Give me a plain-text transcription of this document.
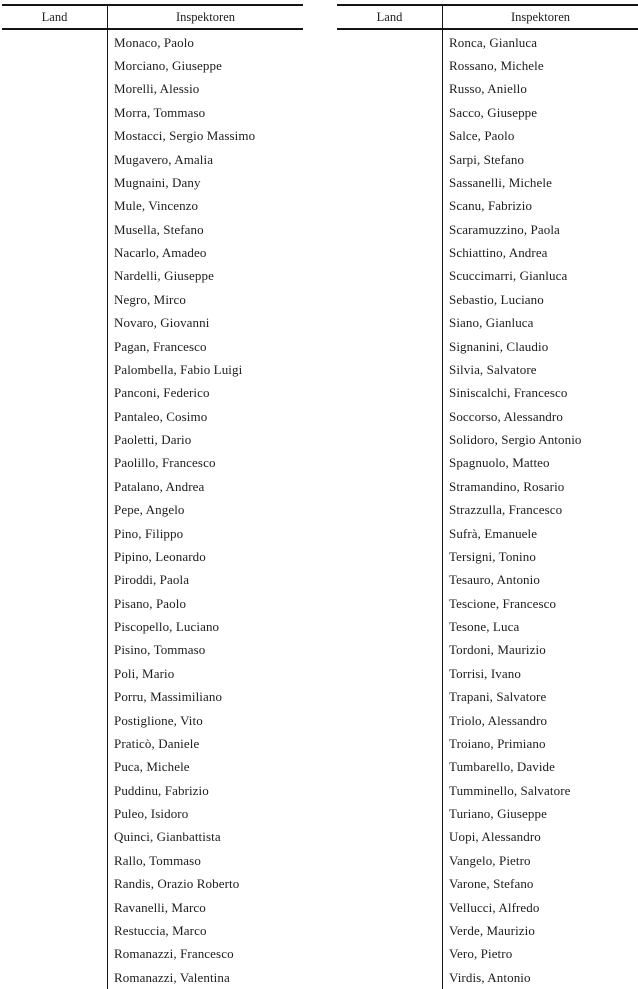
Land	Inspektoren
Monaco, Paolo
Morciano, Giuseppe
Morelli, Alessio
Morra, Tommaso
Mostacci, Sergio Massimo
Mugavero, Amalia
Mugnaini, Dany
Mule, Vincenzo
Musella, Stefano
Nacarlo, Amadeo
Nardelli, Giuseppe
Negro, Mirco
Novaro, Giovanni
Pagan, Francesco
Palombella, Fabio Luigi
Panconi, Federico
Pantaleo, Cosimo
Paoletti, Dario
Paolillo, Francesco
Patalano, Andrea
Pepe, Angelo
Pino, Filippo
Pipino, Leonardo
Piroddi, Paola
Pisano, Paolo
Piscopello, Luciano
Pisino, Tommaso
Poli, Mario
Porru, Massimiliano
Postiglione, Vito
Praticò, Daniele
Puca, Michele
Puddinu, Fabrizio
Puleo, Isidoro
Quinci, Gianbattista
Rallo, Tommaso
Randis, Orazio Roberto
Ravanelli, Marco
Restuccia, Marco
Romanazzi, Francesco
Romanazzi, Valentina
Land	Inspektoren
Ronca, Gianluca
Rossano, Michele
Russo, Aniello
Sacco, Giuseppe
Salce, Paolo
Sarpi, Stefano
Sassanelli, Michele
Scanu, Fabrizio
Scaramuzzino, Paola
Schiattino, Andrea
Scuccimarri, Gianluca
Sebastio, Luciano
Siano, Gianluca
Signanini, Claudio
Silvia, Salvatore
Siniscalchi, Francesco
Soccorso, Alessandro
Solidoro, Sergio Antonio
Spagnuolo, Matteo
Stramandino, Rosario
Strazzulla, Francesco
Sufrà, Emanuele
Tersigni, Tonino
Tesauro, Antonio
Tescione, Francesco
Tesone, Luca
Tordoni, Maurizio
Torrisi, Ivano
Trapani, Salvatore
Triolo, Alessandro
Troiano, Primiano
Tumbarello, Davide
Tumminello, Salvatore
Turiano, Giuseppe
Uopi, Alessandro
Vangelo, Pietro
Varone, Stefano
Vellucci, Alfredo
Verde, Maurizio
Vero, Pietro
Virdis, Antonio
